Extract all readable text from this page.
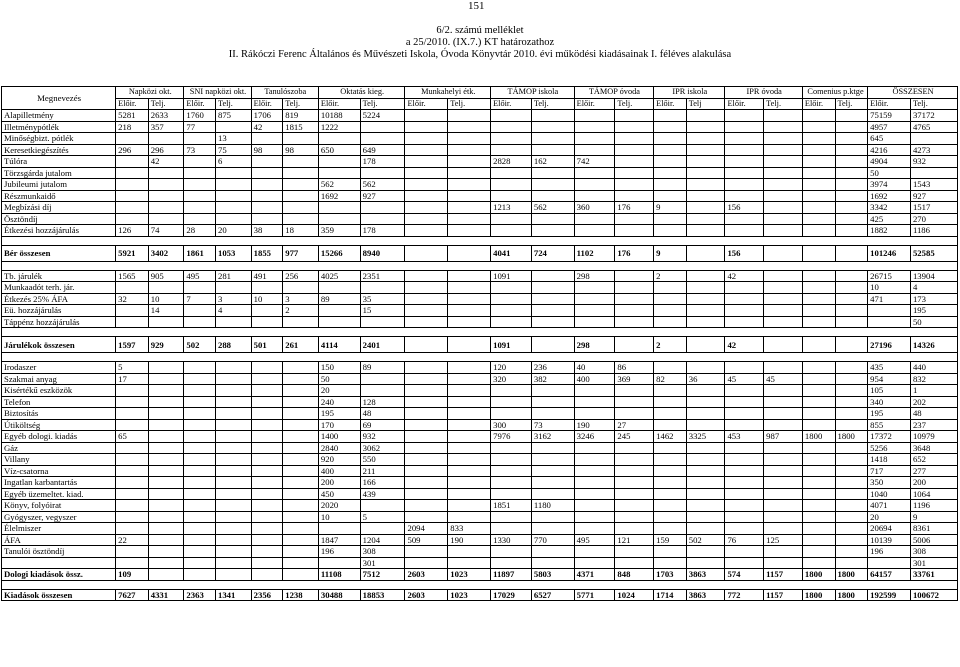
151
6/2. számú melléklet
a 25/2010. (IX.7.) KT határozathoz
II. Rákóczi Ferenc Általános és Művészeti Iskola, Óvoda Könyvtár 2010. évi működési kiadásainak I. féléves alakulása
Megnevezés	Napközi okt.		SNI napközi okt.		Tanulószoba		Oktatás kieg.		Munkahelyi étk.		TÁMOP iskola		TÁMOP óvoda		IPR iskola		IPR óvoda		Comenius p.ktge		ÖSSZESEN	
	Előir.	Telj.	Előir.	Telj.	Előir.	Telj.	Előir.	Telj.	Előir.	Telj.	Előir.	Telj.	Előir.	Telj.	Előir.	Telj	Előir.	Telj.	Előir.	Telj.	Előir.	Telj.
Alapilletmény	5281	2633	1760	875	1706	819	10188	5224													75159	37172
Illetménypótlék	218	357	77		42	1815	1222														4957	4765
Minőségbizt. pótlék				13																	645	
Keresetkiegészítés	296	296	73	75	98	98	650	649													4216	4273
Túlóra		42		6				178			2828	162	742								4904	932
Törzsgárda jutalom																					50	
Jubileumi jutalom							562	562													3974	1543
Részmunkaidő							1692	927													1692	927
Megbízási díj											1213	562	360	176	9		156				3342	1517
Ösztöndíj																					425	270
Étkezési hozzájárulás	126	74	28	20	38	18	359	178													1882	1186

Bér összesen	5921	3402	1861	1053	1855	977	15266	8940			4041	724	1102	176	9		156				101246	52585

Tb. járulék	1565	905	495	281	491	256	4025	2351			1091		298		2		42				26715	13904
Munkaadót terh. jár.																					10	4
Étkezés 25% ÁFA	32	10	7	3	10	3	89	35													471	173
Eü. hozzájárulás		14		4		2		15														195
Táppénz hozzájárulás																						50

Járulékok összesen	1597	929	502	288	501	261	4114	2401			1091		298		2		42				27196	14326

Irodaszer	5						150	89			120	236	40	86							435	440
Szakmai anyag	17						50				320	382	400	369	82	36	45	45			954	832
Kisértékű eszközök							20														105	1
Telefon							240	128													340	202
Biztosítás							195	48													195	48
Útiköltség							170	69			300	73	190	27							855	237
Egyéb dologi. kiadás	65						1400	932			7976	3162	3246	245	1462	3325	453	987	1800	1800	17372	10979
Gáz							2840	3062													5256	3648
Villany							920	550													1418	652
Víz-csatorna							400	211													717	277
Ingatlan karbantartás							200	166													350	200
Egyéb üzemeltet. kiad.							450	439													1040	1064
Könyv, folyóirat							2020				1851	1180									4071	1196
Gyógyszer, vegyszer							10	5													20	9
Élelmiszer									2094	833											20694	8361
ÁFA	22						1847	1204	509	190	1330	770	495	121	159	502	76	125			10139	5006
Tanulói ösztöndíj							196	308													196	308
								301														301
Dologi kiadások össz.	109						11108	7512	2603	1023	11897	5803	4371	848	1703	3863	574	1157	1800	1800	64157	33761

Kiadások összesen	7627	4331	2363	1341	2356	1238	30488	18853	2603	1023	17029	6527	5771	1024	1714	3863	772	1157	1800	1800	192599	100672
